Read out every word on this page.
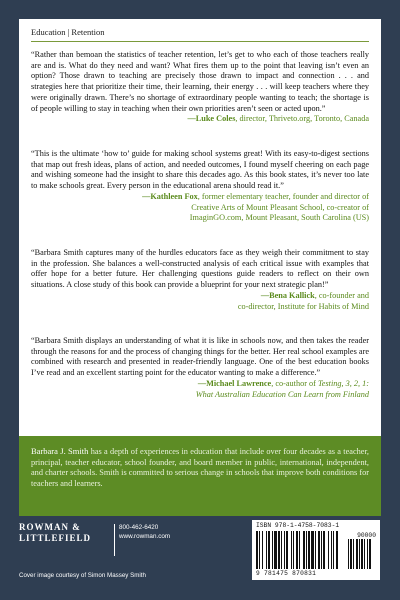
Education | Retention

“Rather than bemoan the statistics of teacher retention, let’s get to who each of those teachers really are and is. What do they need and want? What fires them up to the point that leaving isn’t even an option? Those drawn to teaching are precisely those drawn to impact and connection . . . and strategies here that prioritize their time, their learning, their energy . . . will keep teachers where they were originally drawn. There’s no shortage of extraordinary people wanting to teach; the shortage is of people willing to stay in teaching when their own priorities aren’t seen or acted upon.”

—Luke Coles, director, Thriveto.org, Toronto, Canada

“This is the ultimate ‘how to’ guide for making school systems great! With its easy-to-digest sections that map out fresh ideas, plans of action, and needed outcomes, I found myself cheering on each page and wishing someone had the insight to share this decades ago. As this book states, it’s never too late to make schools great. Every person in the educational arena should read it.”

—Kathleen Fox, former elementary teacher, founder and director of
Creative Arts of Mount Pleasant School, co-creator of
ImaginGO.com, Mount Pleasant, South Carolina (US)

“Barbara Smith captures many of the hurdles educators face as they weigh their commitment to stay in the profession. She balances a well-constructed analysis of each critical issue with examples that offer hope for a better future. Her challenging questions guide readers to reflect on their own situations. A close study of this book can provide a blueprint for your next strategic plan!”

—Bena Kallick, co-founder and
co-director, Institute for Habits of Mind

“Barbara Smith displays an understanding of what it is like in schools now, and then takes the reader through the reasons for and the process of changing things for the better. Her real school examples are combined with research and presented in reader-friendly language. One of the best education books I’ve read and an excellent starting point for the educator wanting to make a difference.”

—Michael Lawrence, co-author of Testing, 3, 2, 1:
What Australian Education Can Learn from Finland
Barbara J. Smith has a depth of experiences in education that include over four decades as a teacher, principal, teacher educator, school founder, and board member in public, international, independent, and charter schools. Smith is committed to serious change in schools that improve both conditions for teachers and learners.
ROWMAN &
LITTLEFIELD
800-462-6420
www.rowman.com
Cover image courtesy of Simon Massey Smith
ISBN 978-1-4758-7083-1
90000
9 781475 870831
